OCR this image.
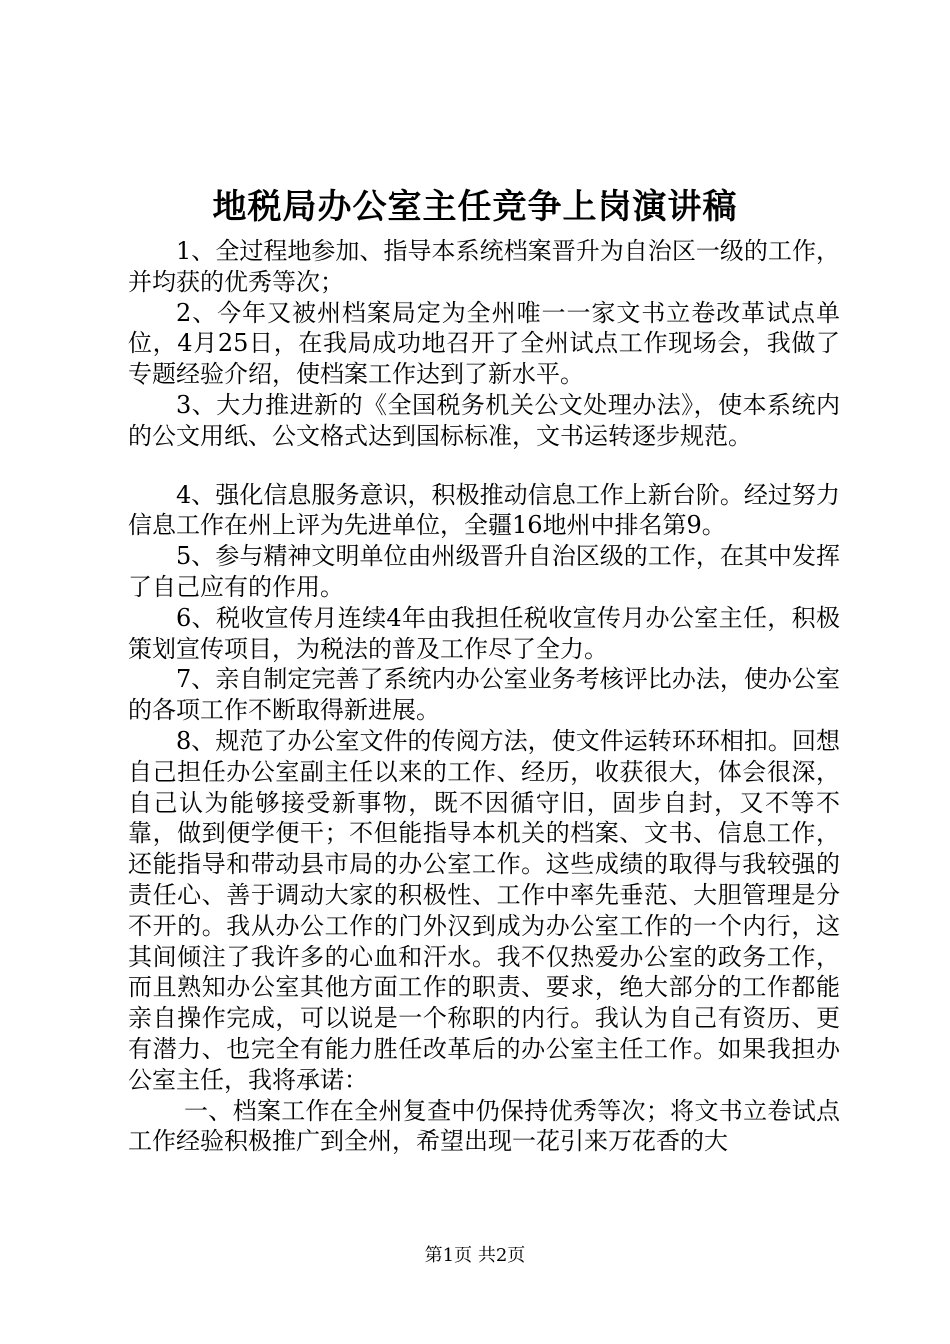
地税局办公室主任竞争上岗演讲稿

1、全过程地参加、指导本系统档案晋升为自治区一级的工作，并均获的优秀等次；

2、今年又被州档案局定为全州唯一一家文书立卷改革试点单位，4月25日，在我局成功地召开了全州试点工作现场会，我做了专题经验介绍，使档案工作达到了新水平。

3、大力推进新的《全国税务机关公文处理办法》，使本系统内的公文用纸、公文格式达到国标标准，文书运转逐步规范。

4、强化信息服务意识，积极推动信息工作上新台阶。经过努力信息工作在州上评为先进单位，全疆16地州中排名第9。

5、参与精神文明单位由州级晋升自治区级的工作，在其中发挥了自己应有的作用。

6、税收宣传月连续4年由我担任税收宣传月办公室主任，积极策划宣传项目，为税法的普及工作尽了全力。

7、亲自制定完善了系统内办公室业务考核评比办法，使办公室的各项工作不断取得新进展。

8、规范了办公室文件的传阅方法，使文件运转环环相扣。回想自己担任办公室副主任以来的工作、经历，收获很大，体会很深，自己认为能够接受新事物，既不因循守旧，固步自封，又不等不靠，做到便学便干；不但能指导本机关的档案、文书、信息工作，还能指导和带动县市局的办公室工作。这些成绩的取得与我较强的责任心、善于调动大家的积极性、工作中率先垂范、大胆管理是分不开的。我从办公工作的门外汉到成为办公室工作的一个内行，这其间倾注了我许多的心血和汗水。我不仅热爱办公室的政务工作，而且熟知办公室其他方面工作的职责、要求，绝大部分的工作都能亲自操作完成，可以说是一个称职的内行。我认为自己有资历、更有潜力、也完全有能力胜任改革后的办公室主任工作。如果我担办公室主任，我将承诺：

一、档案工作在全州复查中仍保持优秀等次；将文书立卷试点工作经验积极推广到全州，希望出现一花引来万花香的大

第1页 共2页
